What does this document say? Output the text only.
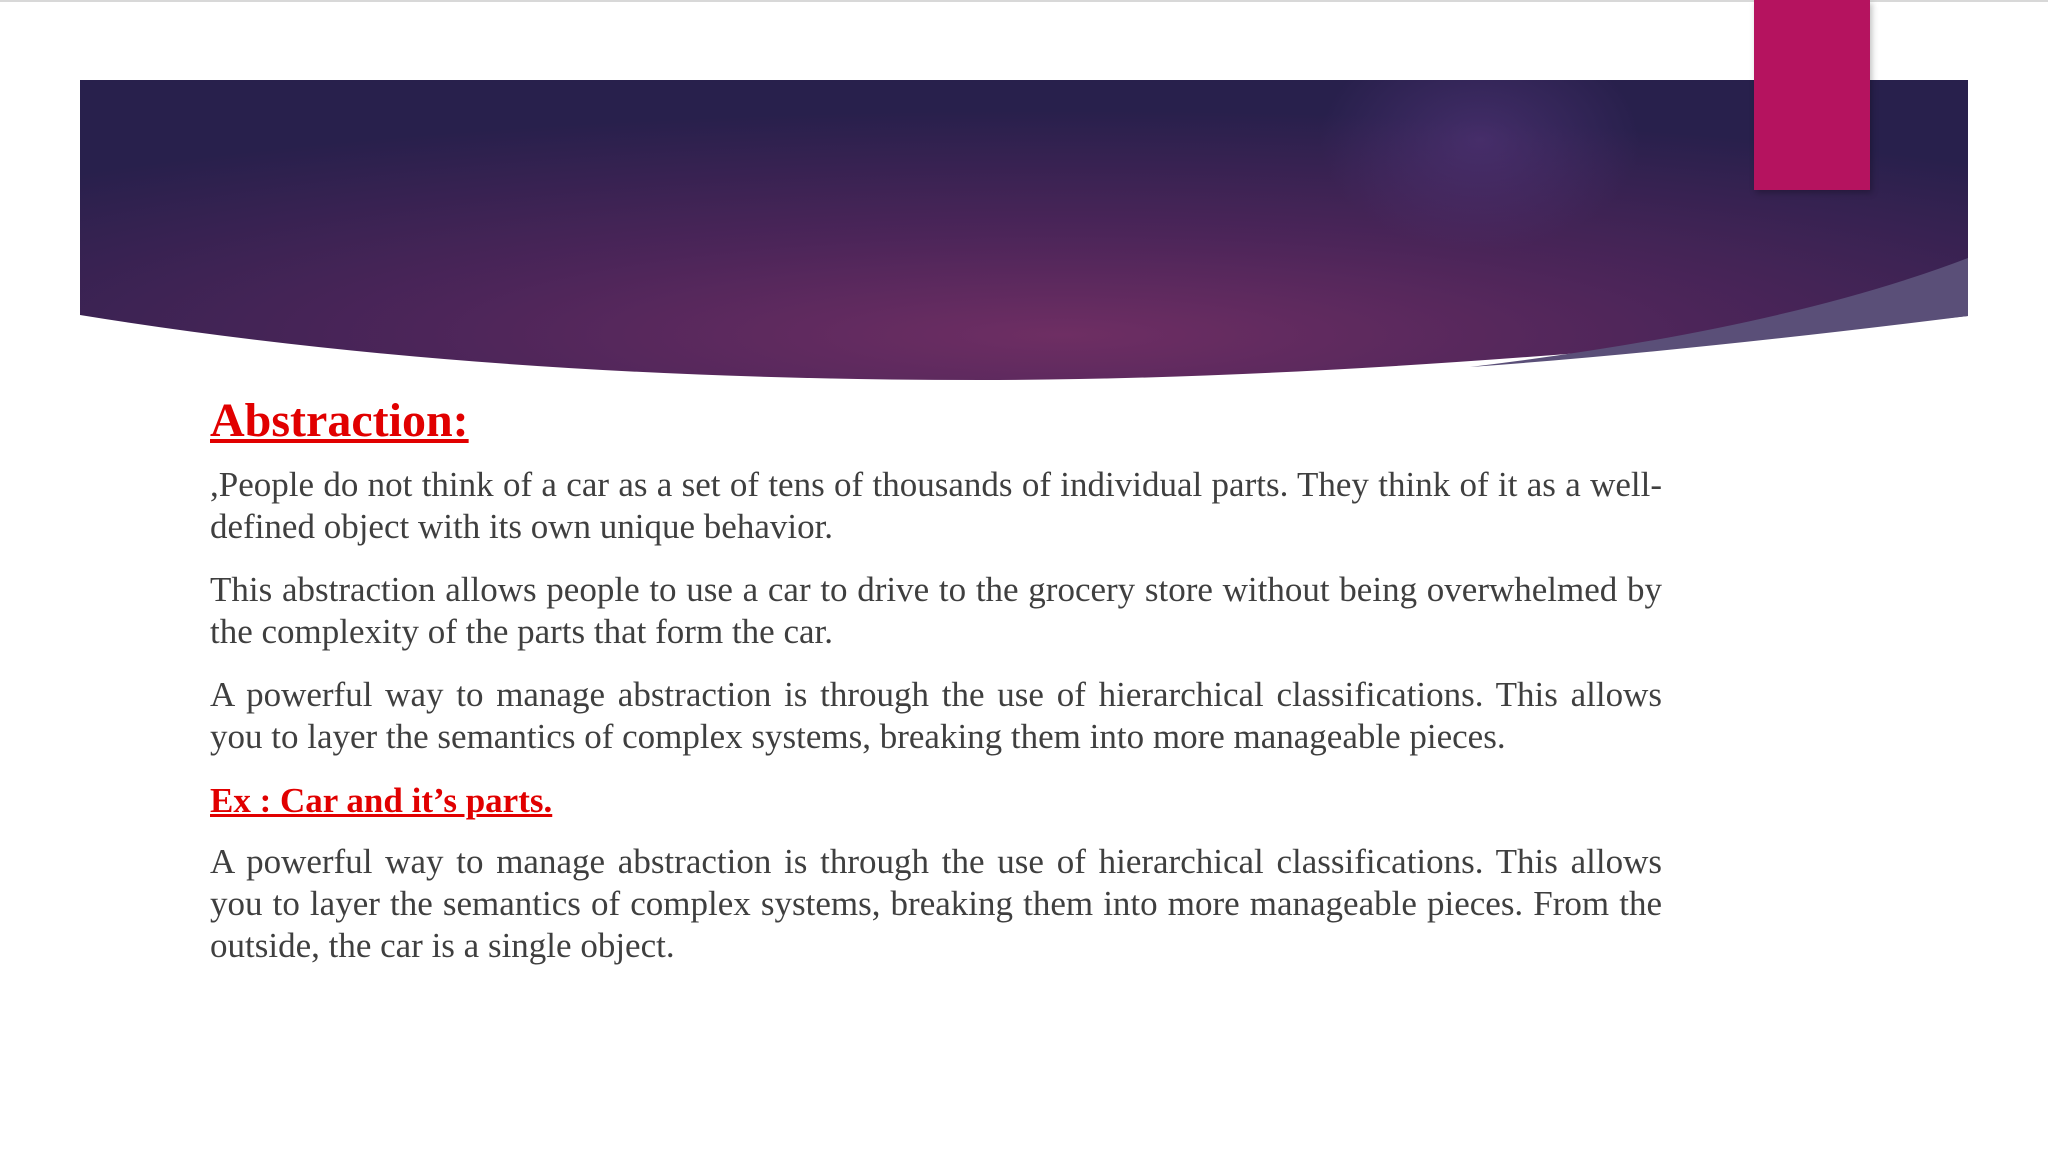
Abstraction:

,People do not think of a car as a set of tens of thousands of individual parts. They think of it as a well-defined object with its own unique behavior.

This abstraction allows people to use a car to drive to the grocery store without being overwhelmed by the complexity of the parts that form the car.

A powerful way to manage abstraction is through the use of hierarchical classifications. This allows you to layer the semantics of complex systems, breaking them into more manageable pieces.

Ex : Car and it’s parts.

A powerful way to manage abstraction is through the use of hierarchical classifications. This allows you to layer the semantics of complex systems, breaking them into more manageable pieces. From the outside, the car is a single object.
